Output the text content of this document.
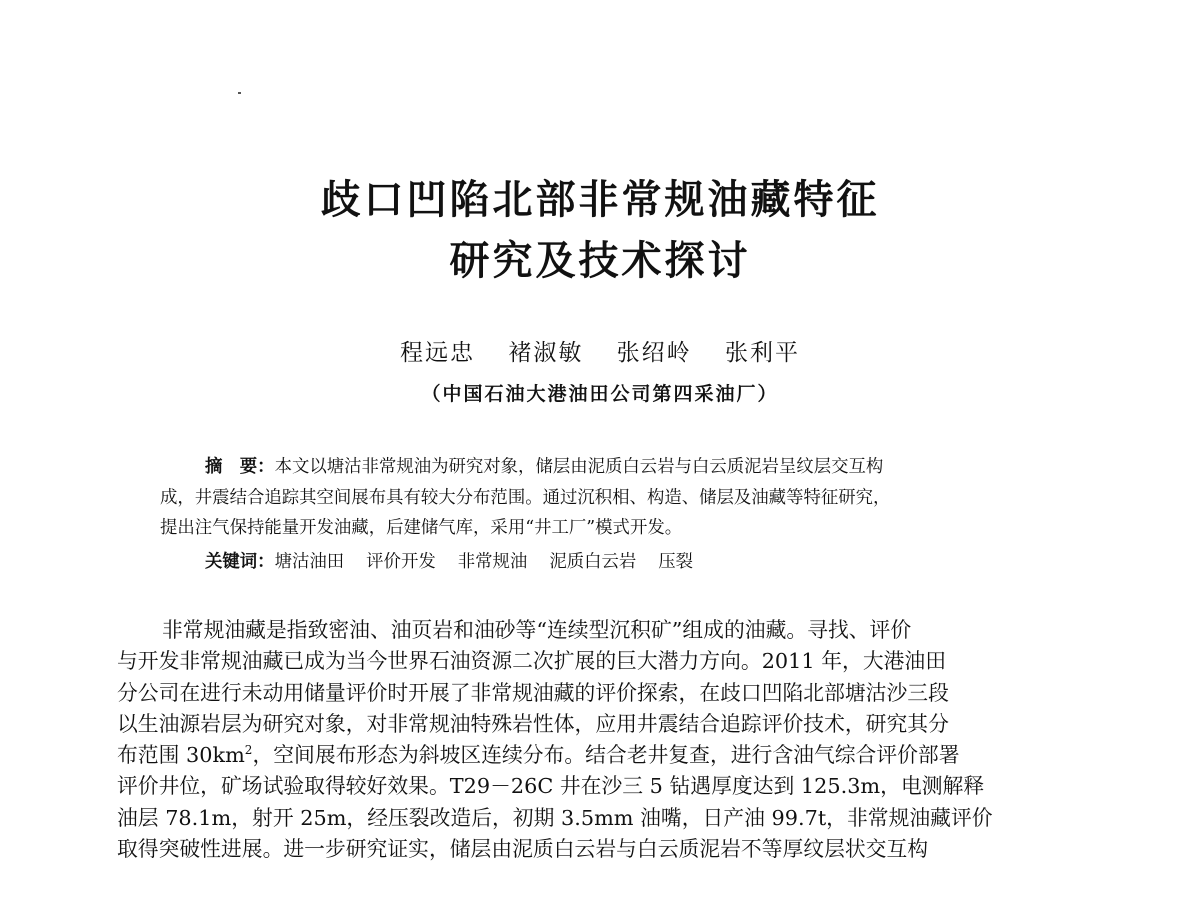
歧口凹陷北部非常规油藏特征
研究及技术探讨
程远忠 褚淑敏 张绍岭 张利平
（中国石油大港油田公司第四采油厂）
摘　要：本文以塘沽非常规油为研究对象，储层由泥质白云岩与白云质泥岩呈纹层交互构
成，井震结合追踪其空间展布具有较大分布范围。通过沉积相、构造、储层及油藏等特征研究，
提出注气保持能量开发油藏，后建储气库，采用“井工厂”模式开发。
关键词：塘沽油田 评价开发 非常规油 泥质白云岩 压裂
非常规油藏是指致密油、油页岩和油砂等“连续型沉积矿”组成的油藏。寻找、评价
与开发非常规油藏已成为当今世界石油资源二次扩展的巨大潜力方向。2011 年，大港油田
分公司在进行未动用储量评价时开展了非常规油藏的评价探索，在歧口凹陷北部塘沽沙三段
以生油源岩层为研究对象，对非常规油特殊岩性体，应用井震结合追踪评价技术，研究其分
布范围 $30km^2$，空间展布形态为斜坡区连续分布。结合老井复查，进行含油气综合评价部署
评价井位，矿场试验取得较好效果。T29－26C 井在沙三 5 钻遇厚度达到 125.3m，电测解释
油层 78.1m，射开 25m，经压裂改造后，初期 3.5mm 油嘴，日产油 99.7t，非常规油藏评价
取得突破性进展。进一步研究证实，储层由泥质白云岩与白云质泥岩不等厚纹层状交互构
